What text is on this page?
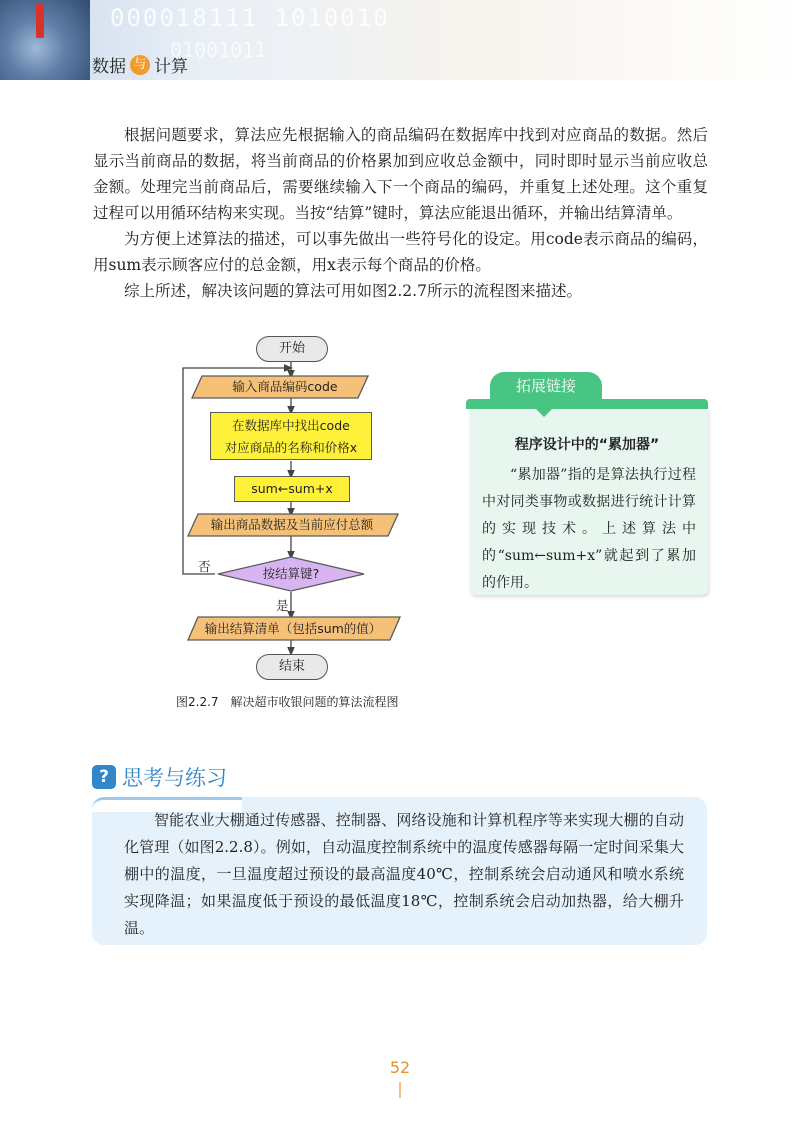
000018111 1010010
01001011
数据 与 计算

根据问题要求，算法应先根据输入的商品编码在数据库中找到对应商品的数据。然后显示当前商品的数据，将当前商品的价格累加到应收总金额中，同时即时显示当前应收总金额。处理完当前商品后，需要继续输入下一个商品的编码，并重复上述处理。这个重复过程可以用循环结构来实现。当按“结算”键时，算法应能退出循环，并输出结算清单。

为方便上述算法的描述，可以事先做出一些符号化的设定。用code表示商品的编码，用sum表示顾客应付的总金额，用x表示每个商品的价格。

综上所述，解决该问题的算法可用如图2.2.7所示的流程图来描述。

开始
输入商品编码code
在数据库中找出code
对应商品的名称和价格x
sum←sum+x
输出商品数据及当前应付总额
按结算键?
否
是
输出结算清单（包括sum的值）
结束
图2.2.7　解决超市收银问题的算法流程图
拓展链接
程序设计中的“累加器”

“累加器”指的是算法执行过程中对同类事物或数据进行统计计算的实现技术。上述算法中的“sum←sum+x”就起到了累加的作用。

? 思考与练习

智能农业大棚通过传感器、控制器、网络设施和计算机程序等来实现大棚的自动化管理（如图2.2.8）。例如，自动温度控制系统中的温度传感器每隔一定时间采集大棚中的温度，一旦温度超过预设的最高温度40℃，控制系统会启动通风和喷水系统实现降温；如果温度低于预设的最低温度18℃，控制系统会启动加热器，给大棚升温。

52
